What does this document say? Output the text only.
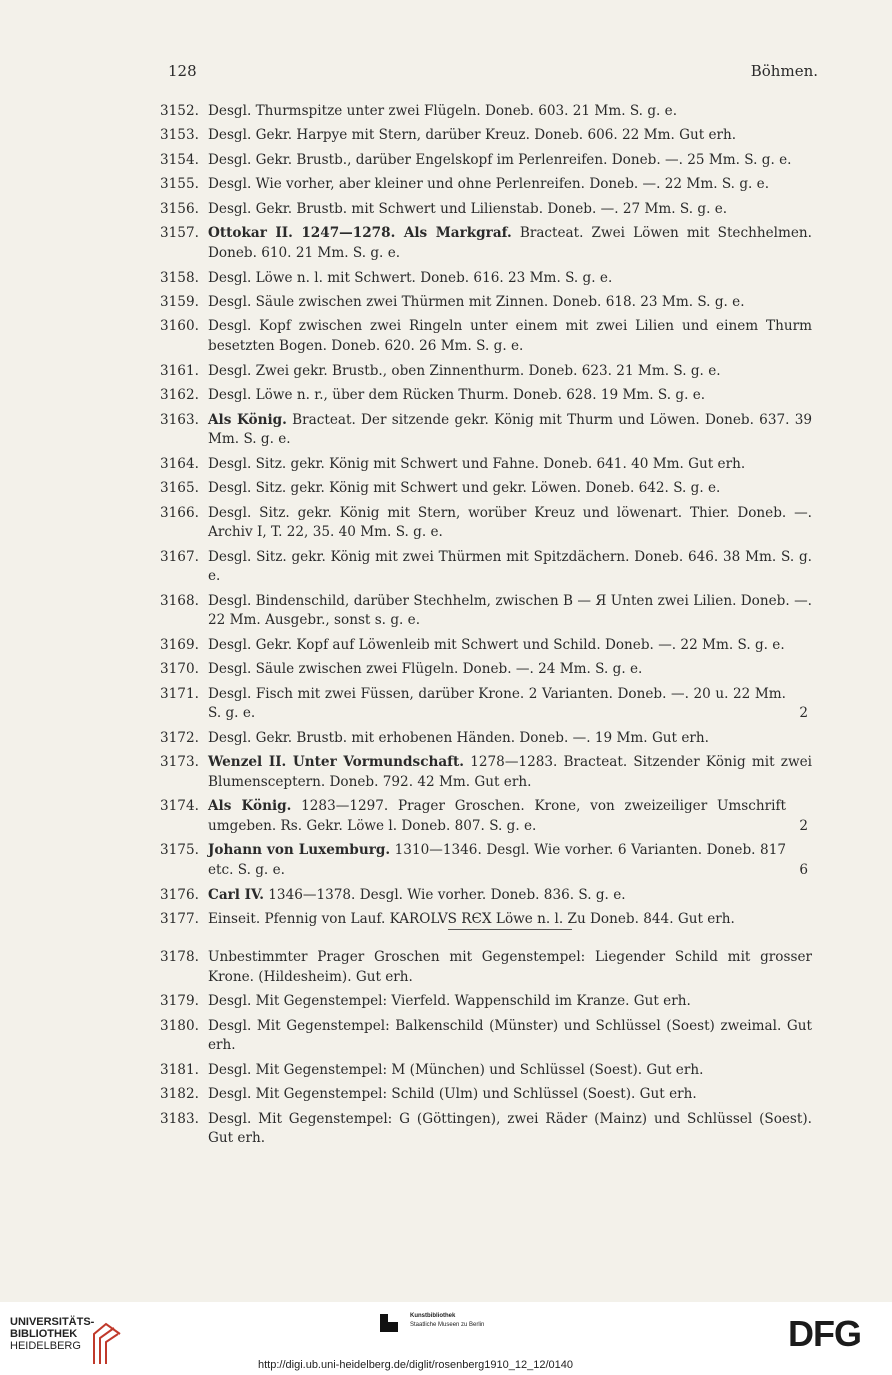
128	Böhmen.
3152. Desgl. Thurmspitze unter zwei Flügeln. Doneb. 603. 21 Mm. S. g. e.
3153. Desgl. Gekr. Harpye mit Stern, darüber Kreuz. Doneb. 606. 22 Mm. Gut erh.
3154. Desgl. Gekr. Brustb., darüber Engelskopf im Perlenreifen. Doneb. —. 25 Mm. S. g. e.
3155. Desgl. Wie vorher, aber kleiner und ohne Perlenreifen. Doneb. —. 22 Mm. S. g. e.
3156. Desgl. Gekr. Brustb. mit Schwert und Lilienstab. Doneb. —. 27 Mm. S. g. e.
3157. Ottokar II. 1247—1278. Als Markgraf. Bracteat. Zwei Löwen mit Stechhelmen. Doneb. 610. 21 Mm. S. g. e.
3158. Desgl. Löwe n. l. mit Schwert. Doneb. 616. 23 Mm. S. g. e.
3159. Desgl. Säule zwischen zwei Thürmen mit Zinnen. Doneb. 618. 23 Mm. S. g. e.
3160. Desgl. Kopf zwischen zwei Ringeln unter einem mit zwei Lilien und einem Thurm besetzten Bogen. Doneb. 620. 26 Mm. S. g. e.
3161. Desgl. Zwei gekr. Brustb., oben Zinnenthurm. Doneb. 623. 21 Mm. S. g. e.
3162. Desgl. Löwe n. r., über dem Rücken Thurm. Doneb. 628. 19 Mm. S. g. e.
3163. Als König. Bracteat. Der sitzende gekr. König mit Thurm und Löwen. Doneb. 637. 39 Mm. S. g. e.
3164. Desgl. Sitz. gekr. König mit Schwert und Fahne. Doneb. 641. 40 Mm. Gut erh.
3165. Desgl. Sitz. gekr. König mit Schwert und gekr. Löwen. Doneb. 642. S. g. e.
3166. Desgl. Sitz. gekr. König mit Stern, worüber Kreuz und löwenart. Thier. Doneb. —. Archiv I, T. 22, 35. 40 Mm. S. g. e.
3167. Desgl. Sitz. gekr. König mit zwei Thürmen mit Spitzdächern. Doneb. 646. 38 Mm. S. g. e.
3168. Desgl. Bindenschild, darüber Stechhelm, zwischen B — Я Unten zwei Lilien. Doneb. —. 22 Mm. Ausgebr., sonst s. g. e.
3169. Desgl. Gekr. Kopf auf Löwenleib mit Schwert und Schild. Doneb. —. 22 Mm. S. g. e.
3170. Desgl. Säule zwischen zwei Flügeln. Doneb. —. 24 Mm. S. g. e.
3171. Desgl. Fisch mit zwei Füssen, darüber Krone. 2 Varianten. Doneb. —. 20 u. 22 Mm. S. g. e.	2
3172. Desgl. Gekr. Brustb. mit erhobenen Händen. Doneb. —. 19 Mm. Gut erh.
3173. Wenzel II. Unter Vormundschaft. 1278—1283. Bracteat. Sitzender König mit zwei Blumensceptern. Doneb. 792. 42 Mm. Gut erh.
3174. Als König. 1283—1297. Prager Groschen. Krone, von zweizeiliger Umschrift umgeben. Rs. Gekr. Löwe l. Doneb. 807. S. g. e.	2
3175. Johann von Luxemburg. 1310—1346. Desgl. Wie vorher. 6 Varianten. Doneb. 817 etc. S. g. e.	6
3176. Carl IV. 1346—1378. Desgl. Wie vorher. Doneb. 836. S. g. e.
3177. Einseit. Pfennig von Lauf. KAROLVS RЄX Löwe n. l. Zu Doneb. 844. Gut erh.
3178. Unbestimmter Prager Groschen mit Gegenstempel: Liegender Schild mit grosser Krone. (Hildesheim). Gut erh.
3179. Desgl. Mit Gegenstempel: Vierfeld. Wappenschild im Kranze. Gut erh.
3180. Desgl. Mit Gegenstempel: Balkenschild (Münster) und Schlüssel (Soest) zweimal. Gut erh.
3181. Desgl. Mit Gegenstempel: M (München) und Schlüssel (Soest). Gut erh.
3182. Desgl. Mit Gegenstempel: Schild (Ulm) und Schlüssel (Soest). Gut erh.
3183. Desgl. Mit Gegenstempel: G (Göttingen), zwei Räder (Mainz) und Schlüssel (Soest). Gut erh.
UNIVERSITÄTS-
BIBLIOTHEK
HEIDELBERG
Kunstbibliothek
Staatliche Museen zu Berlin	DFG
http://digi.ub.uni-heidelberg.de/diglit/rosenberg1910_12_12/0140
